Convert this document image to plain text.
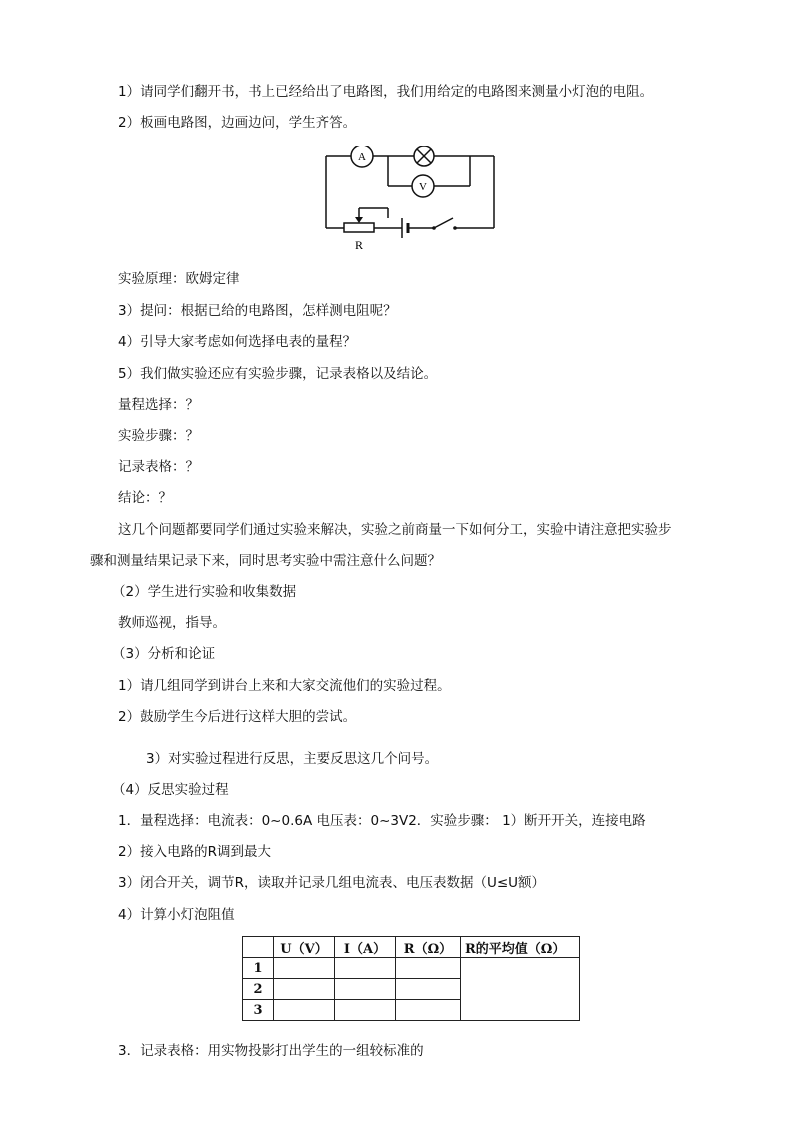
1）请同学们翻开书，书上已经给出了电路图，我们用给定的电路图来测量小灯泡的电阻。
2）板画电路图，边画边问，学生齐答。
A
V
R
实验原理：欧姆定律
3）提问：根据已给的电路图，怎样测电阻呢？
4）引导大家考虑如何选择电表的量程？
5）我们做实验还应有实验步骤，记录表格以及结论。
量程选择：？
实验步骤：？
记录表格：？
结论：？
这几个问题都要同学们通过实验来解决，实验之前商量一下如何分工，实验中请注意把实验步
骤和测量结果记录下来，同时思考实验中需注意什么问题？
（2）学生进行实验和收集数据
教师巡视，指导。
（3）分析和论证
1）请几组同学到讲台上来和大家交流他们的实验过程。
2）鼓励学生今后进行这样大胆的尝试。
3）对实验过程进行反思，主要反思这几个问号。
（4）反思实验过程
1．量程选择：电流表：0~0.6A 电压表：0~3V2．实验步骤： 1）断开开关，连接电路
2）接入电路的R调到最大
3）闭合开关，调节R，读取并记录几组电流表、电压表数据（U≤U额）
4）计算小灯泡阻值
	U（V）	I（A）	R（Ω）	R的平均值（Ω）
1				
2				
3				
3．记录表格：用实物投影打出学生的一组较标准的
